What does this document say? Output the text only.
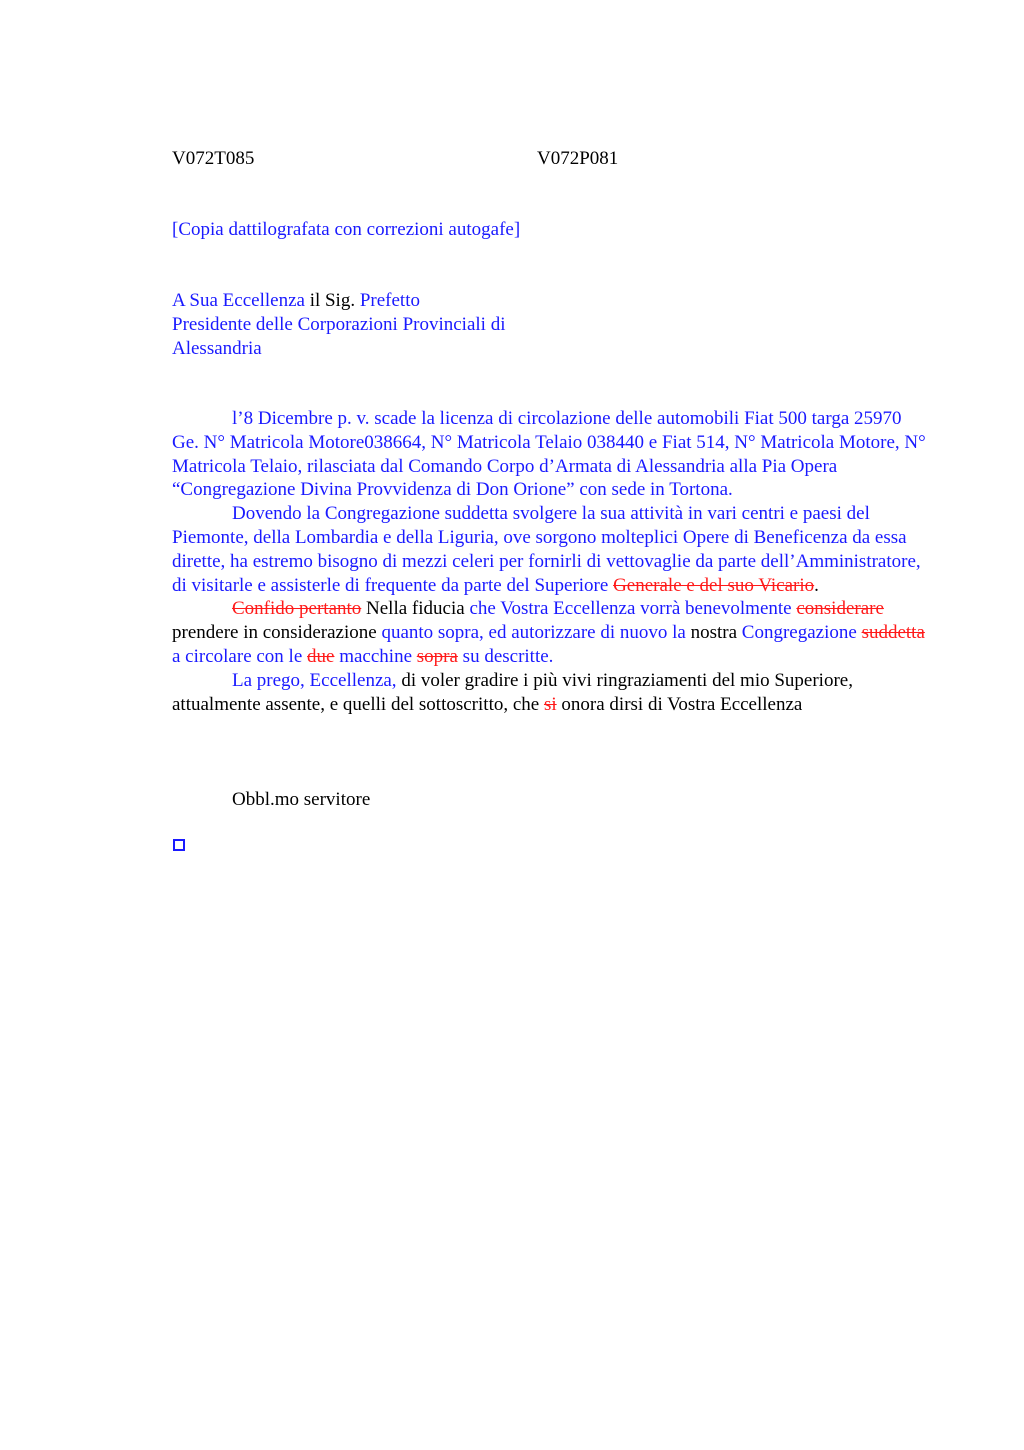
V072T085	V072P081
[Copia dattilografata con correzioni autogafe]
A Sua Eccellenza il Sig. Prefetto
Presidente delle Corporazioni Provinciali di
Alessandria

l’8 Dicembre p. v. scade la licenza di circolazione delle automobili Fiat 500 targa 25970 Ge. N° Matricola Motore038664, N° Matricola Telaio 038440 e Fiat 514, N° Matricola Motore, N° Matricola Telaio, rilasciata dal Comando Corpo d’Armata di Alessandria alla Pia Opera “Congregazione Divina Provvidenza di Don Orione” con sede in Tortona.

Dovendo la Congregazione suddetta svolgere la sua attività in vari centri e paesi del Piemonte, della Lombardia e della Liguria, ove sorgono molteplici Opere di Beneficenza da essa dirette, ha estremo bisogno di mezzi celeri per fornirli di vettovaglie da parte dell’Amministratore, di visitarle e assisterle di frequente da parte del Superiore Generale e del suo Vicario.

Confido pertanto Nella fiducia che Vostra Eccellenza vorrà benevolmente considerare prendere in considerazione quanto sopra, ed autorizzare di nuovo la nostra Congregazione suddetta a circolare con le due macchine sopra su descritte.

La prego, Eccellenza, di voler gradire i più vivi ringraziamenti del mio Superiore, attualmente assente, e quelli del sottoscritto, che si onora dirsi di Vostra Eccellenza

Obbl.mo servitore
